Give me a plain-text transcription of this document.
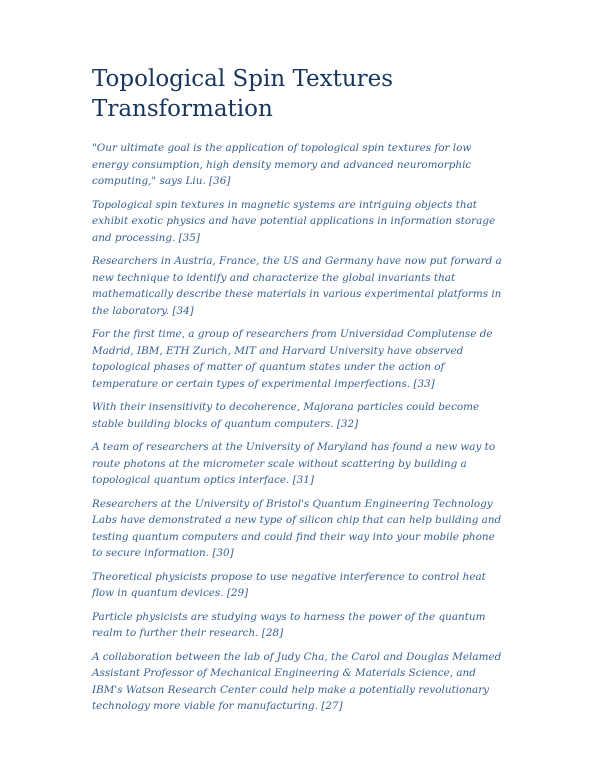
Topological Spin Textures Transformation

"Our ultimate goal is the application of topological spin textures for low energy consumption, high density memory and advanced neuromorphic computing," says Liu. [36]

Topological spin textures in magnetic systems are intriguing objects that exhibit exotic physics and have potential applications in information storage and processing. [35]

Researchers in Austria, France, the US and Germany have now put forward a new technique to identify and characterize the global invariants that mathematically describe these materials in various experimental platforms in the laboratory. [34]

For the first time, a group of researchers from Universidad Complutense de Madrid, IBM, ETH Zurich, MIT and Harvard University have observed topological phases of matter of quantum states under the action of temperature or certain types of experimental imperfections. [33]

With their insensitivity to decoherence, Majorana particles could become stable building blocks of quantum computers. [32]

A team of researchers at the University of Maryland has found a new way to route photons at the micrometer scale without scattering by building a topological quantum optics interface. [31]

Researchers at the University of Bristol's Quantum Engineering Technology Labs have demonstrated a new type of silicon chip that can help building and testing quantum computers and could find their way into your mobile phone to secure information. [30]

Theoretical physicists propose to use negative interference to control heat flow in quantum devices. [29]

Particle physicists are studying ways to harness the power of the quantum realm to further their research. [28]

A collaboration between the lab of Judy Cha, the Carol and Douglas Melamed Assistant Professor of Mechanical Engineering & Materials Science, and IBM's Watson Research Center could help make a potentially revolutionary technology more viable for manufacturing. [27]
